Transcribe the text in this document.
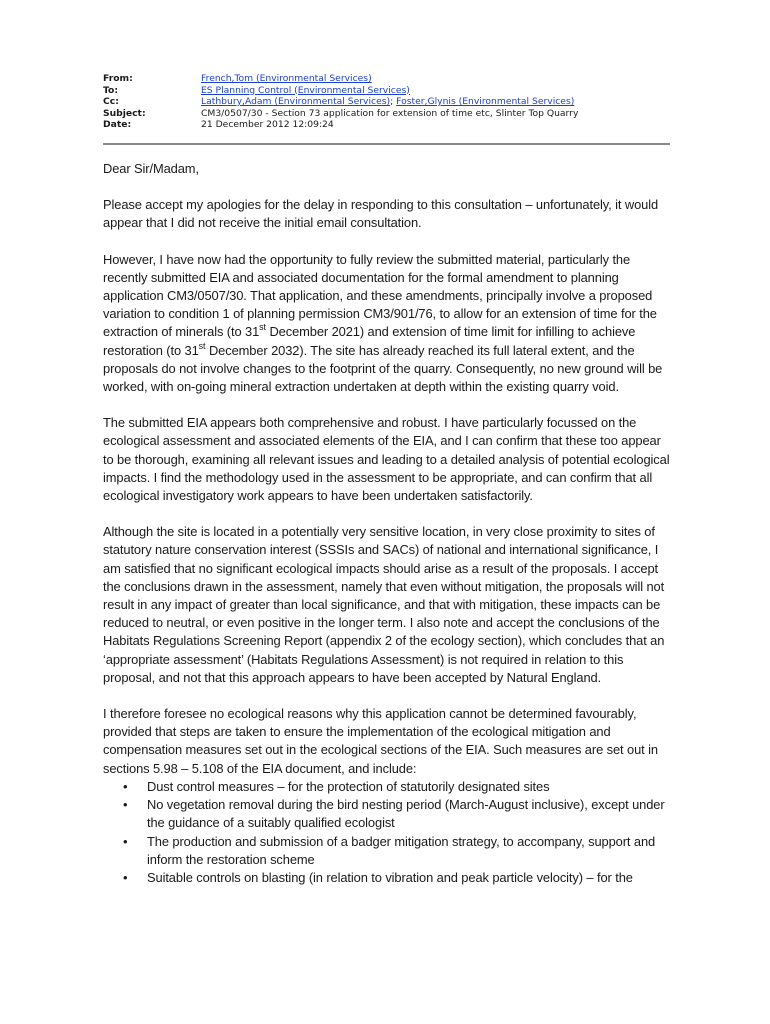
From:	French,Tom (Environmental Services)
To:	ES Planning Control (Environmental Services)
Cc:	Lathbury,Adam (Environmental Services); Foster,Glynis (Environmental Services)
Subject:	CM3/0507/30 - Section 73 application for extension of time etc, Slinter Top Quarry
Date:	21 December 2012 12:09:24

Dear Sir/Madam,

Please accept my apologies for the delay in responding to this consultation – unfortunately, it would appear that I did not receive the initial email consultation.

However, I have now had the opportunity to fully review the submitted material, particularly the recently submitted EIA and associated documentation for the formal amendment to planning application CM3/0507/30. That application, and these amendments, principally involve a proposed variation to condition 1 of planning permission CM3/901/76, to allow for an extension of time for the extraction of minerals (to 31st December 2021) and extension of time limit for infilling to achieve restoration (to 31st December 2032). The site has already reached its full lateral extent, and the proposals do not involve changes to the footprint of the quarry. Consequently, no new ground will be worked, with on-going mineral extraction undertaken at depth within the existing quarry void.

The submitted EIA appears both comprehensive and robust. I have particularly focussed on the ecological assessment and associated elements of the EIA, and I can confirm that these too appear to be thorough, examining all relevant issues and leading to a detailed analysis of potential ecological impacts. I find the methodology used in the assessment to be appropriate, and can confirm that all ecological investigatory work appears to have been undertaken satisfactorily.

Although the site is located in a potentially very sensitive location, in very close proximity to sites of statutory nature conservation interest (SSSIs and SACs) of national and international significance, I am satisfied that no significant ecological impacts should arise as a result of the proposals. I accept the conclusions drawn in the assessment, namely that even without mitigation, the proposals will not result in any impact of greater than local significance, and that with mitigation, these impacts can be reduced to neutral, or even positive in the longer term. I also note and accept the conclusions of the Habitats Regulations Screening Report (appendix 2 of the ecology section), which concludes that an ‘appropriate assessment’ (Habitats Regulations Assessment) is not required in relation to this proposal, and not that this approach appears to have been accepted by Natural England.

I therefore foresee no ecological reasons why this application cannot be determined favourably, provided that steps are taken to ensure the implementation of the ecological mitigation and compensation measures set out in the ecological sections of the EIA. Such measures are set out in sections 5.98 – 5.108 of the EIA document, and include:

• Dust control measures – for the protection of statutorily designated sites
• No vegetation removal during the bird nesting period (March-August inclusive), except under the guidance of a suitably qualified ecologist
• The production and submission of a badger mitigation strategy, to accompany, support and inform the restoration scheme
• Suitable controls on blasting (in relation to vibration and peak particle velocity) – for the
